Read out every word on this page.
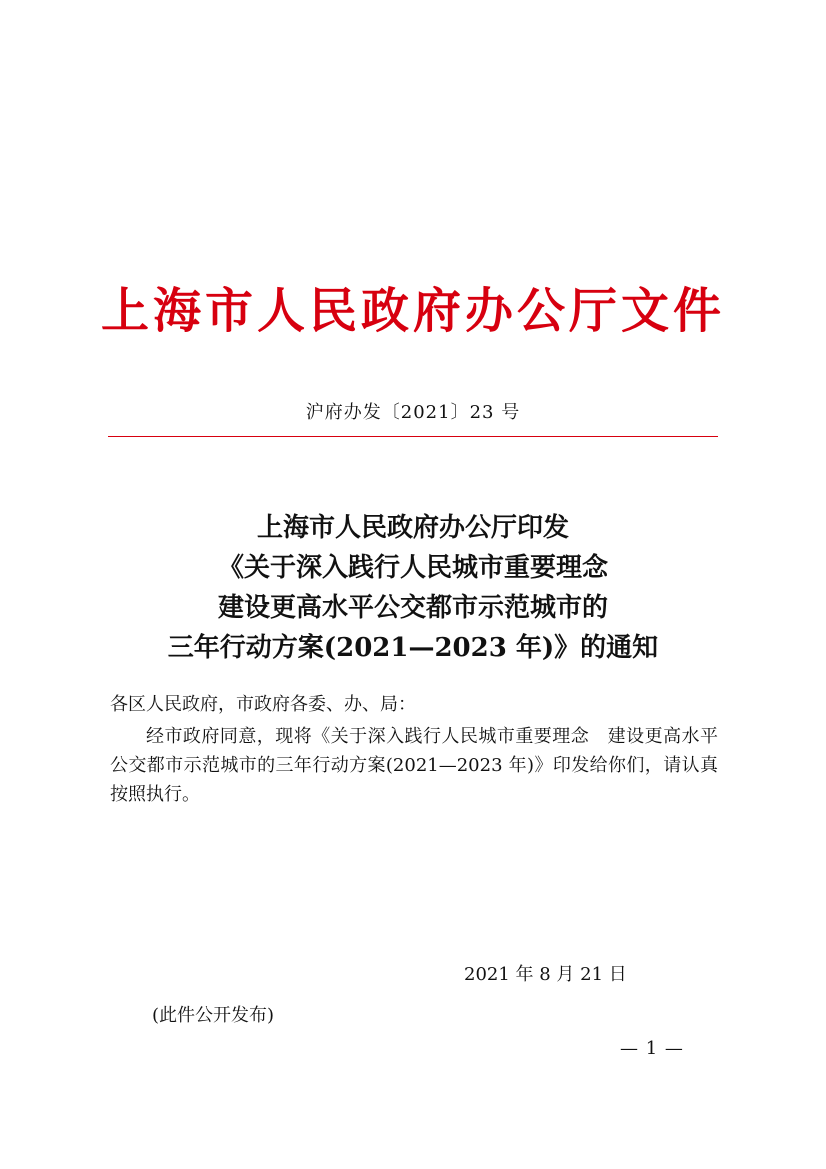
上海市人民政府办公厅文件
沪府办发〔2021〕23 号
上海市人民政府办公厅印发
《关于深入践行人民城市重要理念
建设更高水平公交都市示范城市的
三年行动方案(2021—2023 年)》的通知
各区人民政府，市政府各委、办、局：
经市政府同意，现将《关于深入践行人民城市重要理念　建设更高水平公交都市示范城市的三年行动方案(2021—2023 年)》印发给你们，请认真按照执行。
2021 年 8 月 21 日
(此件公开发布)
— 1 —
